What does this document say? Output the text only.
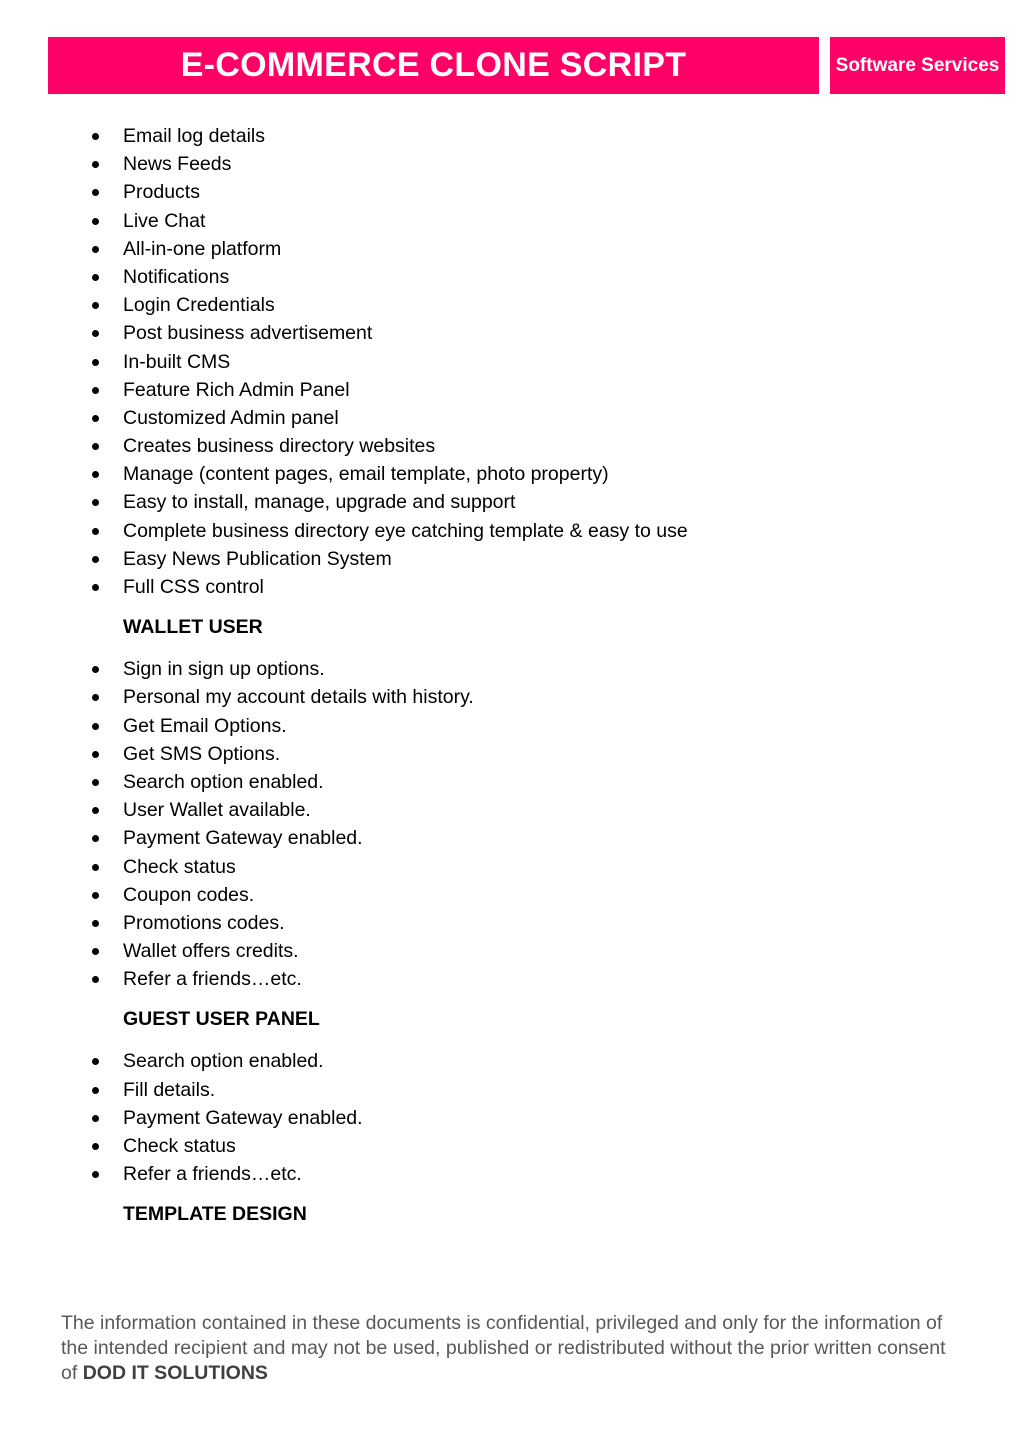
E-COMMERCE CLONE SCRIPT	Software Services
Email log details
News Feeds
Products
Live Chat
All-in-one platform
Notifications
Login Credentials
Post business advertisement
In-built CMS
Feature Rich Admin Panel
Customized Admin panel
Creates business directory websites
Manage (content pages, email template, photo property)
Easy to install, manage, upgrade and support
Complete business directory eye catching template & easy to use
Easy News Publication System
Full CSS control
WALLET USER
Sign in sign up options.
Personal my account details with history.
Get Email Options.
Get SMS Options.
Search option enabled.
User Wallet available.
Payment Gateway enabled.
Check status
Coupon codes.
Promotions codes.
Wallet offers credits.
Refer a friends…etc.
GUEST USER PANEL
Search option enabled.
Fill details.
Payment Gateway enabled.
Check status
Refer a friends…etc.
TEMPLATE DESIGN
The information contained in these documents is confidential, privileged and only for the information of the intended recipient and may not be used, published or redistributed without the prior written consent of DOD IT SOLUTIONS
